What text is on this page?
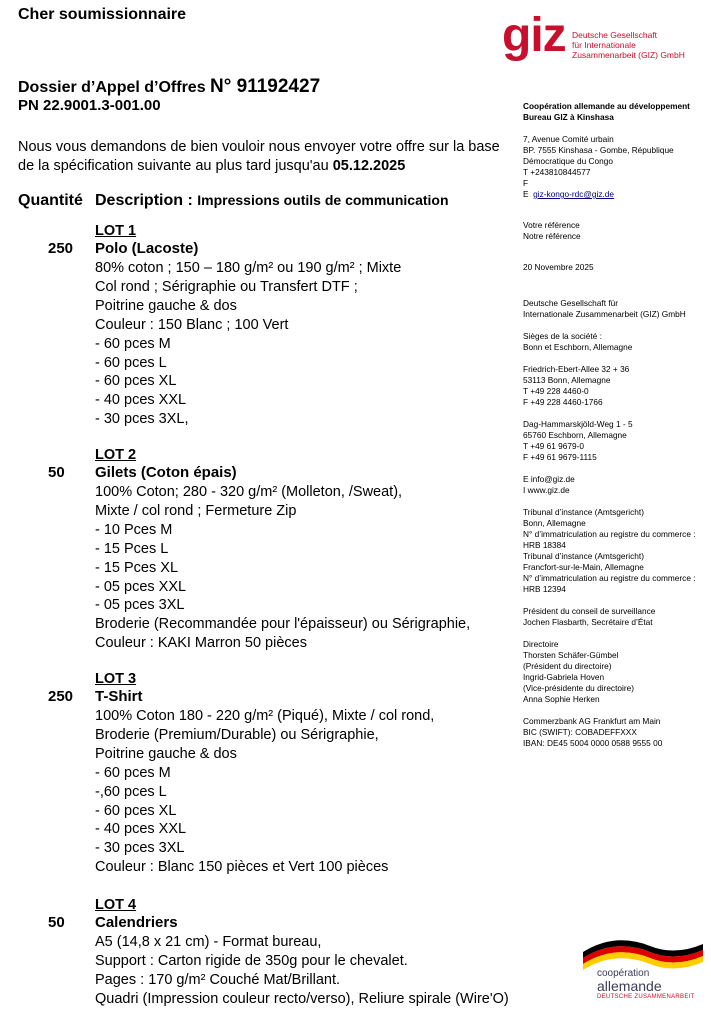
Cher soumissionnaire	giz Deutsche Gesellschaft
für Internationale
Zusammenarbeit (GIZ) GmbH
Dossier d’Appel d’Offres N° 91192427
PN 22.9001.3-001.00
Nous vous demandons de bien vouloir nous envoyer votre offre sur la base de la spécification suivante au plus tard jusqu'au 05.12.2025
Quantité Description : Impressions outils de communication
LOT 1
250 Polo (Lacoste)
80% coton ; 150 – 180 g/m² ou 190 g/m² ; Mixte
Col rond ; Sérigraphie ou Transfert DTF ;
Poitrine gauche & dos
Couleur : 150 Blanc ; 100 Vert
- 60 pces M
- 60 pces L
- 60 pces XL
- 40 pces XXL
- 30 pces 3XL,
LOT 2
50 Gilets (Coton épais)
100% Coton; 280 - 320 g/m² (Molleton, /Sweat),
Mixte / col rond ; Fermeture Zip
- 10 Pces M
- 15 Pces L
- 15 Pces XL
- 05 pces XXL
- 05 pces 3XL
Broderie (Recommandée pour l'épaisseur) ou Sérigraphie,
Couleur : KAKI Marron 50 pièces
LOT 3
250 T-Shirt
100% Coton 180 - 220 g/m² (Piqué), Mixte / col rond,
Broderie (Premium/Durable) ou Sérigraphie,
Poitrine gauche & dos
- 60 pces M
-,60 pces L
- 60 pces XL
- 40 pces XXL
- 30 pces 3XL
Couleur : Blanc 150 pièces et Vert 100 pièces
LOT 4
50 Calendriers
A5 (14,8 x 21 cm) - Format bureau,
Support : Carton rigide de 350g pour le chevalet.
Pages : 170 g/m² Couché Mat/Brillant.
Quadri (Impression couleur recto/verso), Reliure spirale (Wire'O)
Coopération allemande au développement
Bureau GIZ à Kinshasa
7, Avenue Comité urbain
BP. 7555 Kinshasa - Gombe, République
Démocratique du Congo
T +243810844577
F
E giz-kongo-rdc@giz.de
Votre référence
Notre référence
20 Novembre 2025
Deutsche Gesellschaft für
Internationale Zusammenarbeit (GIZ) GmbH
Sièges de la société :
Bonn et Eschborn, Allemagne
Friedrich-Ebert-Allee 32 + 36
53113 Bonn, Allemagne
T +49 228 4460-0
F +49 228 4460-1766
Dag-Hammarskjöld-Weg 1 - 5
65760 Eschborn, Allemagne
T +49 61 9679-0
F +49 61 9679-1115
E info@giz.de
I www.giz.de
Tribunal d’instance (Amtsgericht)
Bonn, Allemagne
N° d’immatriculation au registre du commerce :
HRB 18384
Tribunal d’instance (Amtsgericht)
Francfort-sur-le-Main, Allemagne
N° d’immatriculation au registre du commerce :
HRB 12394
Président du conseil de surveillance
Jochen Flasbarth, Secrétaire d’État
Directoire
Thorsten Schäfer-Gümbel
(Président du directoire)
Ingrid-Gabriela Hoven
(Vice-présidente du directoire)
Anna Sophie Herken
Commerzbank AG Frankfurt am Main
BIC (SWIFT): COBADEFFXXX
IBAN: DE45 5004 0000 0588 9555 00
coopération
allemande
DEUTSCHE ZUSAMMENARBEIT
